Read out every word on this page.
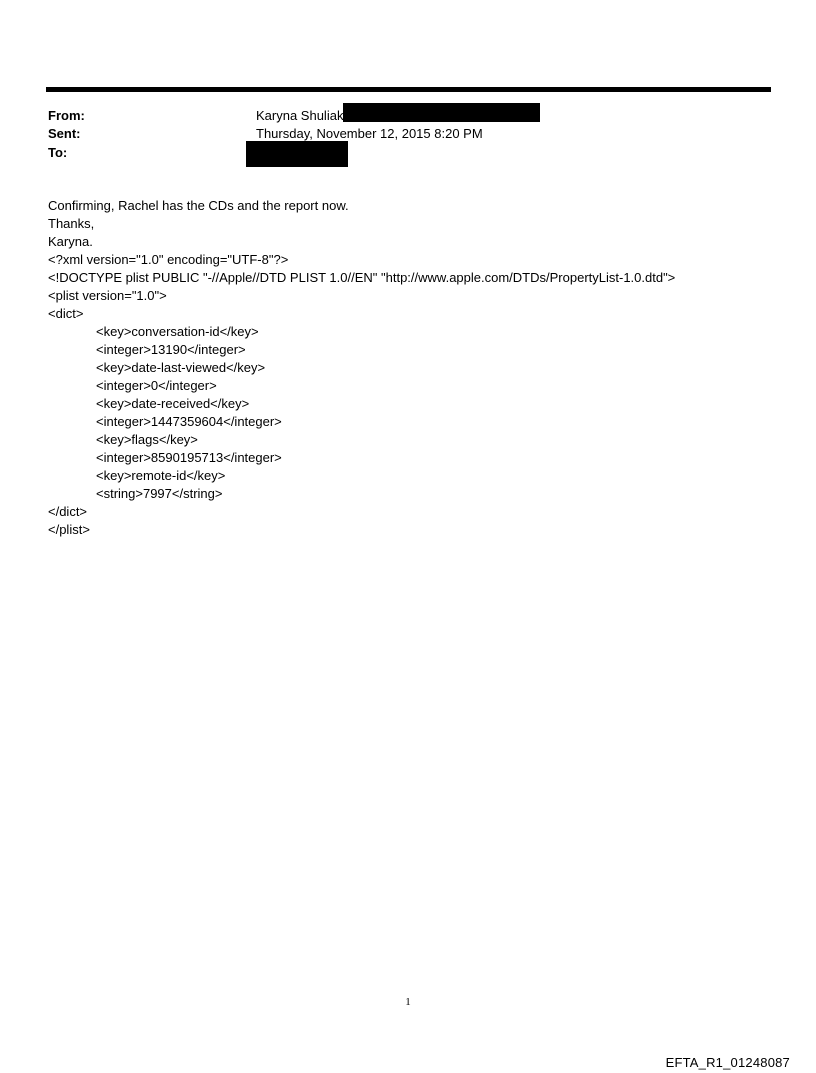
From:	Karyna Shuliak
Sent:	Thursday, November 12, 2015 8:20 PM
To:
Confirming, Rachel has the CDs and the report now.
Thanks,
Karyna.
<?xml version="1.0" encoding="UTF-8"?>
<!DOCTYPE plist PUBLIC "-//Apple//DTD PLIST 1.0//EN" "http://www.apple.com/DTDs/PropertyList-1.0.dtd">
<plist version="1.0">
<dict>
<key>conversation-id</key>
<integer>13190</integer>
<key>date-last-viewed</key>
<integer>0</integer>
<key>date-received</key>
<integer>1447359604</integer>
<key>flags</key>
<integer>8590195713</integer>
<key>remote-id</key>
<string>7997</string>
</dict>
</plist>
1
EFTA_R1_01248087
